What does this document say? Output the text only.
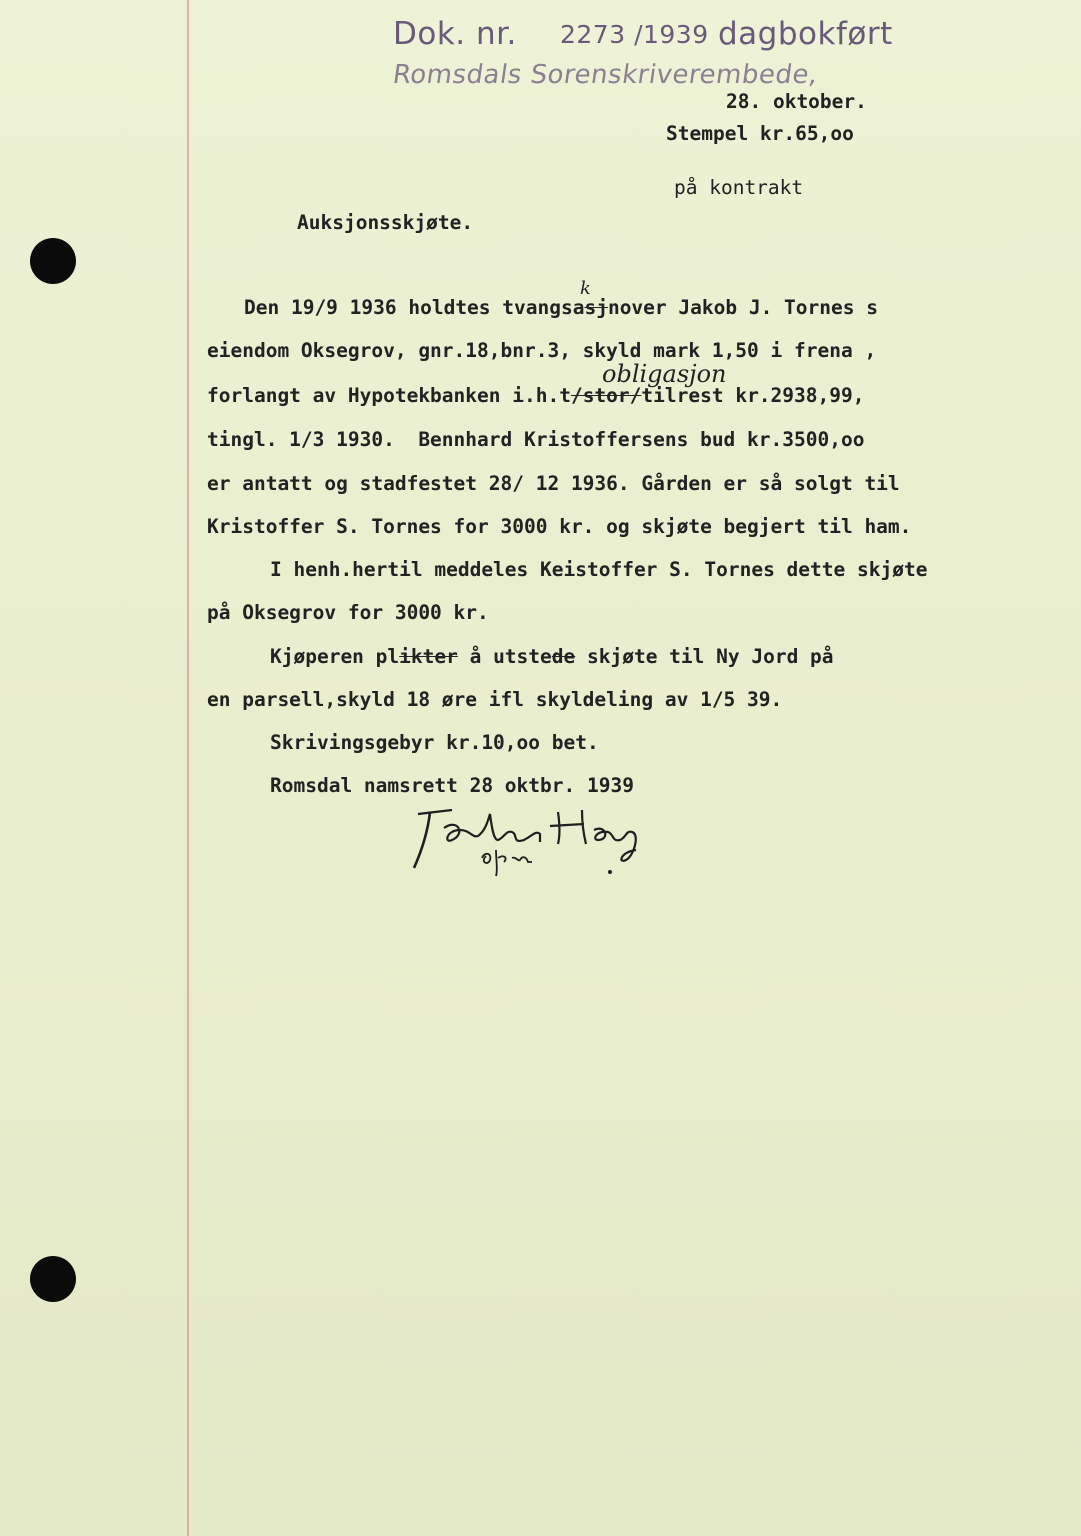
Dok. nr. 2273 /1939 dagbokført
Romsdals Sorenskriverembede,
28. oktober.
Stempel kr.65,oo
på kontrakt
Auksjonsskjøte.
Den 19/9 1936 holdtes tvangsasjnover Jakob J. Tornes s
k
eiendom Oksegrov, gnr.18,bnr.3, skyld mark 1,50 i frena ,
obligasjon
forlangt av Hypotekbanken i.h.t/stor/tilrest kr.2938,99,
tingl. 1/3 1930.  Bennhard Kristoffersens bud kr.3500,oo
er antatt og stadfestet 28/ 12 1936. Gården er så solgt til
Kristoffer S. Tornes for 3000 kr. og skjøte begjert til ham.
I henh.hertil meddeles Keistoffer S. Tornes dette skjøte
på Oksegrov for 3000 kr.
Kjøperen plikter å utstede skjøte til Ny Jord på
en parsell,skyld 18 øre ifl skyldeling av 1/5 39.
Skrivingsgebyr kr.10,oo bet.
Romsdal namsrett 28 oktbr. 1939
